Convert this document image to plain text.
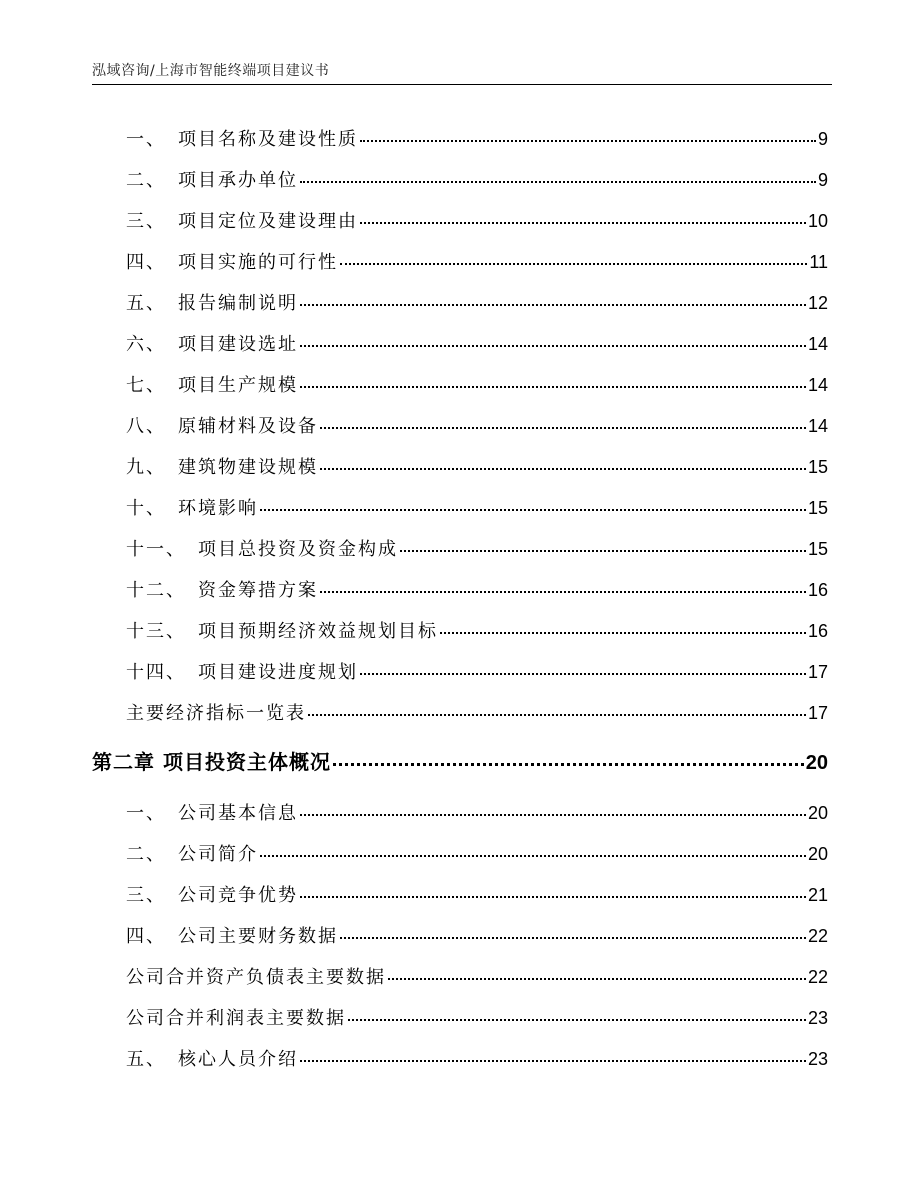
泓域咨询/上海市智能终端项目建议书
一、 项目名称及建设性质	9
二、 项目承办单位	9
三、 项目定位及建设理由	10
四、 项目实施的可行性	11
五、 报告编制说明	12
六、 项目建设选址	14
七、 项目生产规模	14
八、 原辅材料及设备	14
九、 建筑物建设规模	15
十、 环境影响	15
十一、 项目总投资及资金构成	15
十二、 资金筹措方案	16
十三、 项目预期经济效益规划目标	16
十四、 项目建设进度规划	17
主要经济指标一览表	17
第二章 项目投资主体概况	20
一、 公司基本信息	20
二、 公司简介	20
三、 公司竞争优势	21
四、 公司主要财务数据	22
公司合并资产负债表主要数据	22
公司合并利润表主要数据	23
五、 核心人员介绍	23
